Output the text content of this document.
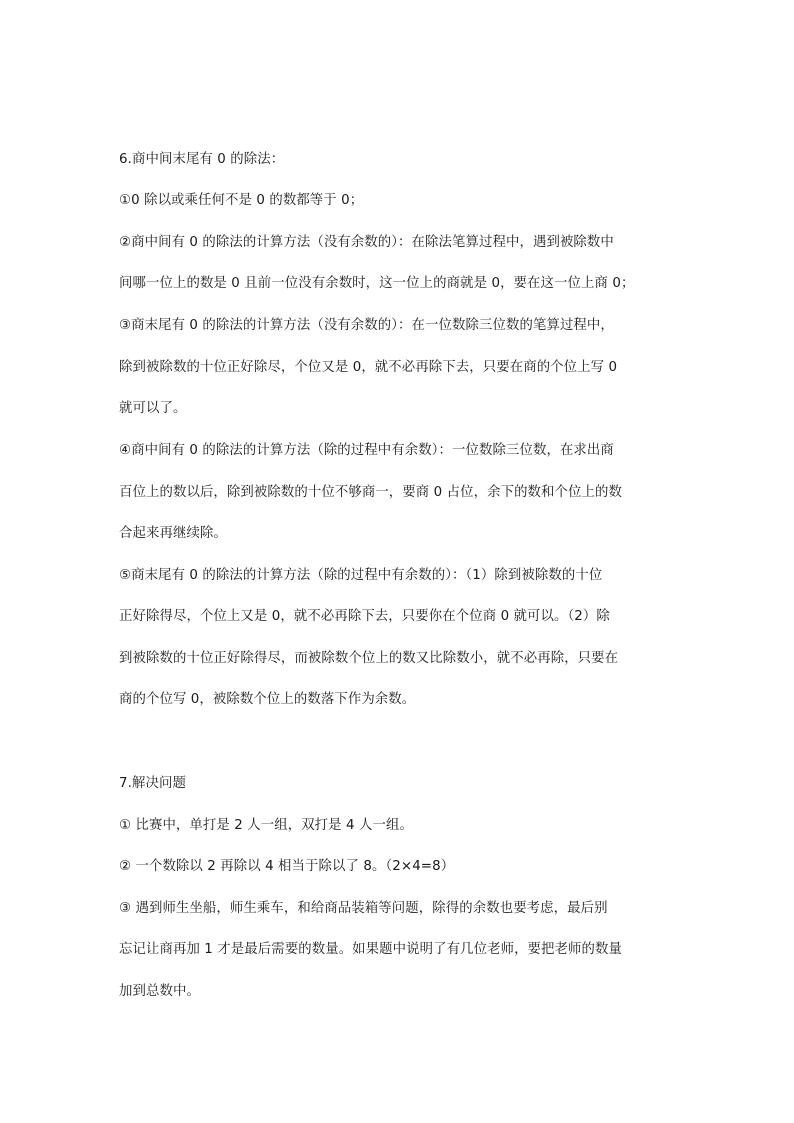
6.商中间末尾有 0 的除法：
①0 除以或乘任何不是 0 的数都等于 0；
②商中间有 0 的除法的计算方法（没有余数的）：在除法笔算过程中，遇到被除数中
间哪一位上的数是 0 且前一位没有余数时，这一位上的商就是 0，要在这一位上商 0；
③商末尾有 0 的除法的计算方法（没有余数的）：在一位数除三位数的笔算过程中，
除到被除数的十位正好除尽，个位又是 0，就不必再除下去，只要在商的个位上写 0
就可以了。
④商中间有 0 的除法的计算方法（除的过程中有余数）：一位数除三位数，在求出商
百位上的数以后，除到被除数的十位不够商一，要商 0 占位，余下的数和个位上的数
合起来再继续除。
⑤商末尾有 0 的除法的计算方法（除的过程中有余数的）：（1）除到被除数的十位
正好除得尽，个位上又是 0，就不必再除下去，只要你在个位商 0 就可以。（2）除
到被除数的十位正好除得尽，而被除数个位上的数又比除数小，就不必再除，只要在
商的个位写 0，被除数个位上的数落下作为余数。
7.解决问题
① 比赛中，单打是 2 人一组，双打是 4 人一组。
② 一个数除以 2 再除以 4 相当于除以了 8。（2×4=8）
③ 遇到师生坐船，师生乘车，和给商品装箱等问题，除得的余数也要考虑，最后别
忘记让商再加 1 才是最后需要的数量。如果题中说明了有几位老师，要把老师的数量
加到总数中。
